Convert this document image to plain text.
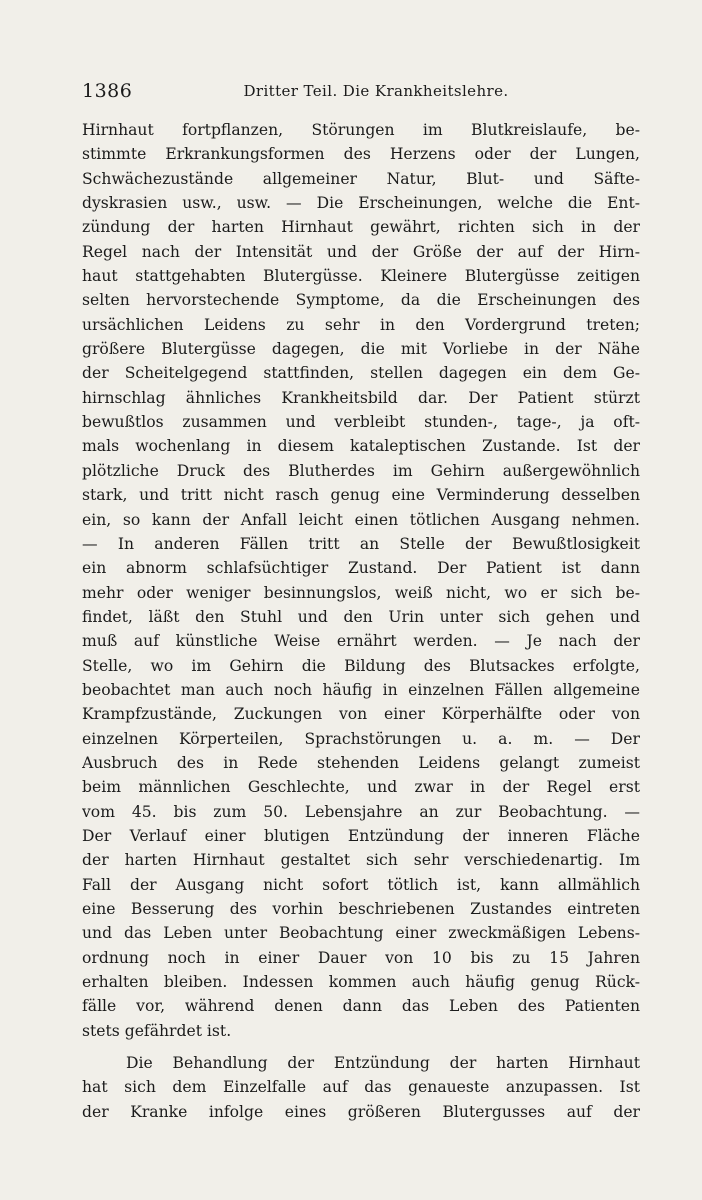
1386	Dritter Teil. Die Krankheitslehre.
Hirnhaut fortpflanzen, Störungen im Blutkreislaufe, be-
stimmte Erkrankungsformen des Herzens oder der Lungen,
Schwächezustände allgemeiner Natur, Blut- und Säfte-
dyskrasien usw., usw. — Die Erscheinungen, welche die Ent-
zündung der harten Hirnhaut gewährt, richten sich in der
Regel nach der Intensität und der Größe der auf der Hirn-
haut stattgehabten Blutergüsse. Kleinere Blutergüsse zeitigen
selten hervorstechende Symptome, da die Erscheinungen des
ursächlichen Leidens zu sehr in den Vordergrund treten;
größere Blutergüsse dagegen, die mit Vorliebe in der Nähe
der Scheitelgegend stattfinden, stellen dagegen ein dem Ge-
hirnschlag ähnliches Krankheitsbild dar. Der Patient stürzt
bewußtlos zusammen und verbleibt stunden-, tage-, ja oft-
mals wochenlang in diesem kataleptischen Zustande. Ist der
plötzliche Druck des Blutherdes im Gehirn außergewöhnlich
stark, und tritt nicht rasch genug eine Verminderung desselben
ein, so kann der Anfall leicht einen tötlichen Ausgang nehmen.
— In anderen Fällen tritt an Stelle der Bewußtlosigkeit
ein abnorm schlafsüchtiger Zustand. Der Patient ist dann
mehr oder weniger besinnungslos, weiß nicht, wo er sich be-
findet, läßt den Stuhl und den Urin unter sich gehen und
muß auf künstliche Weise ernährt werden. — Je nach der
Stelle, wo im Gehirn die Bildung des Blutsackes erfolgte,
beobachtet man auch noch häufig in einzelnen Fällen allgemeine
Krampfzustände, Zuckungen von einer Körperhälfte oder von
einzelnen Körperteilen, Sprachstörungen u. a. m. — Der
Ausbruch des in Rede stehenden Leidens gelangt zumeist
beim männlichen Geschlechte, und zwar in der Regel erst
vom 45. bis zum 50. Lebensjahre an zur Beobachtung. —
Der Verlauf einer blutigen Entzündung der inneren Fläche
der harten Hirnhaut gestaltet sich sehr verschiedenartig. Im
Fall der Ausgang nicht sofort tötlich ist, kann allmählich
eine Besserung des vorhin beschriebenen Zustandes eintreten
und das Leben unter Beobachtung einer zweckmäßigen Lebens-
ordnung noch in einer Dauer von 10 bis zu 15 Jahren
erhalten bleiben. Indessen kommen auch häufig genug Rück-
fälle vor, während denen dann das Leben des Patienten
stets gefährdet ist.
Die Behandlung der Entzündung der harten Hirnhaut
hat sich dem Einzelfalle auf das genaueste anzupassen. Ist
der Kranke infolge eines größeren Blutergusses auf der
